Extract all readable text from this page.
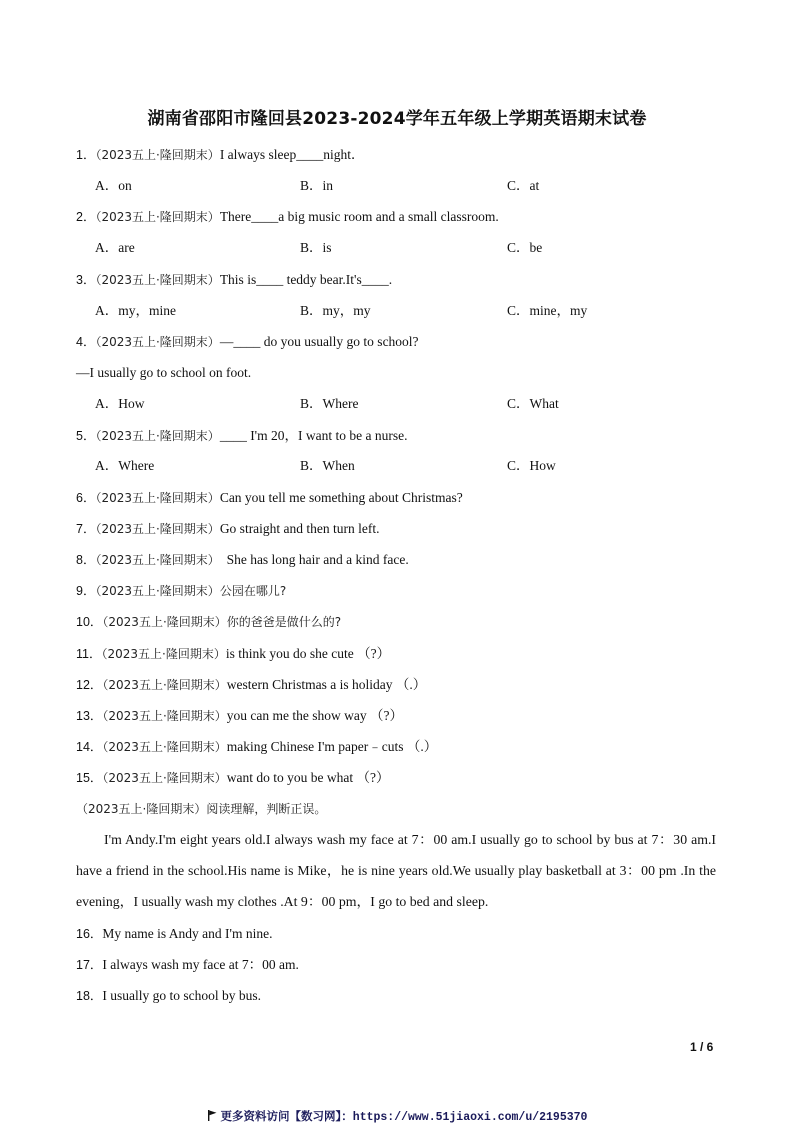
湖南省邵阳市隆回县2023-2024学年五年级上学期英语期末试卷
1．（2023五上·隆回期末）I always sleep____night．
A．on	B．in	C．at
2．（2023五上·隆回期末）There____a big music room and a small classroom.
A．are	B．is	C．be
3．（2023五上·隆回期末）This is____ teddy bear.It's____.
A．my，mine	B．my，my	C．mine，my
4．（2023五上·隆回期末）—____ do you usually go to school?
—I usually go to school on foot.
A．How	B．Where	C．What
5．（2023五上·隆回期末）____ I'm 20，I want to be a nurse.
A．Where	B．When	C．How
6．（2023五上·隆回期末）Can you tell me something about Christmas?
7．（2023五上·隆回期末）Go straight and then turn left.
8．（2023五上·隆回期末）  She has long hair and a kind face.
9．（2023五上·隆回期末）公园在哪儿?
10．（2023五上·隆回期末）你的爸爸是做什么的?
11．（2023五上·隆回期末）is think you do she cute （?）
12．（2023五上·隆回期末）western Christmas a is holiday （.）
13．（2023五上·隆回期末）you can me the show way （?）
14．（2023五上·隆回期末）making Chinese I'm paper﹣cuts （.）
15．（2023五上·隆回期末）want do to you be what （?）
（2023五上·隆回期末）阅读理解，判断正误。
I'm Andy.I'm eight years old.I always wash my face at 7：00 am.I usually go to school by bus at 7：30 am.I have a friend in the school.His name is Mike，he is nine years old.We usually play basketball at 3：00 pm .In the evening，I usually wash my clothes .At 9：00 pm，I go to bed and sleep.
16．My name is Andy and I'm nine.
17．I always wash my face at 7：00 am.
18．I usually go to school by bus.
1 / 6
更多资料访问【数习网】：https://www.51jiaoxi.com/u/2195370
